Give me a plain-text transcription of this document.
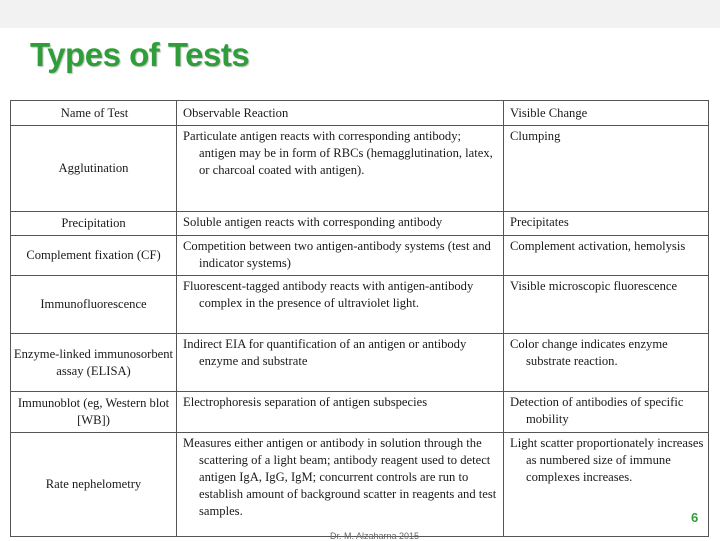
Types of Tests
Name of Test	Observable Reaction	Visible Change
Agglutination	Particulate antigen reacts with corresponding antibody; antigen may be in form of RBCs (hemagglutination, latex, or charcoal coated with antigen).	Clumping
Precipitation	Soluble antigen reacts with corresponding antibody	Precipitates
Complement fixation (CF)	Competition between two antigen-antibody systems (test and indicator systems)	Complement activation, hemolysis
Immunofluorescence	Fluorescent-tagged antibody reacts with antigen-antibody complex in the presence of ultraviolet light.	Visible microscopic fluorescence
Enzyme-linked immunosorbent assay (ELISA)	Indirect EIA for quantification of an antigen or antibody enzyme and substrate	Color change indicates enzyme substrate reaction.
Immunoblot (eg, Western blot [WB])	Electrophoresis separation of antigen subspecies	Detection of antibodies of specific mobility
Rate nephelometry	Measures either antigen or antibody in solution through the scattering of a light beam; antibody reagent used to detect antigen IgA, IgG, IgM; concurrent controls are run to establish amount of background scatter in reagents and test samples.	Light scatter proportionately increases as numbered size of immune complexes increases.
Dr. M. Alzaharna 2015
6
